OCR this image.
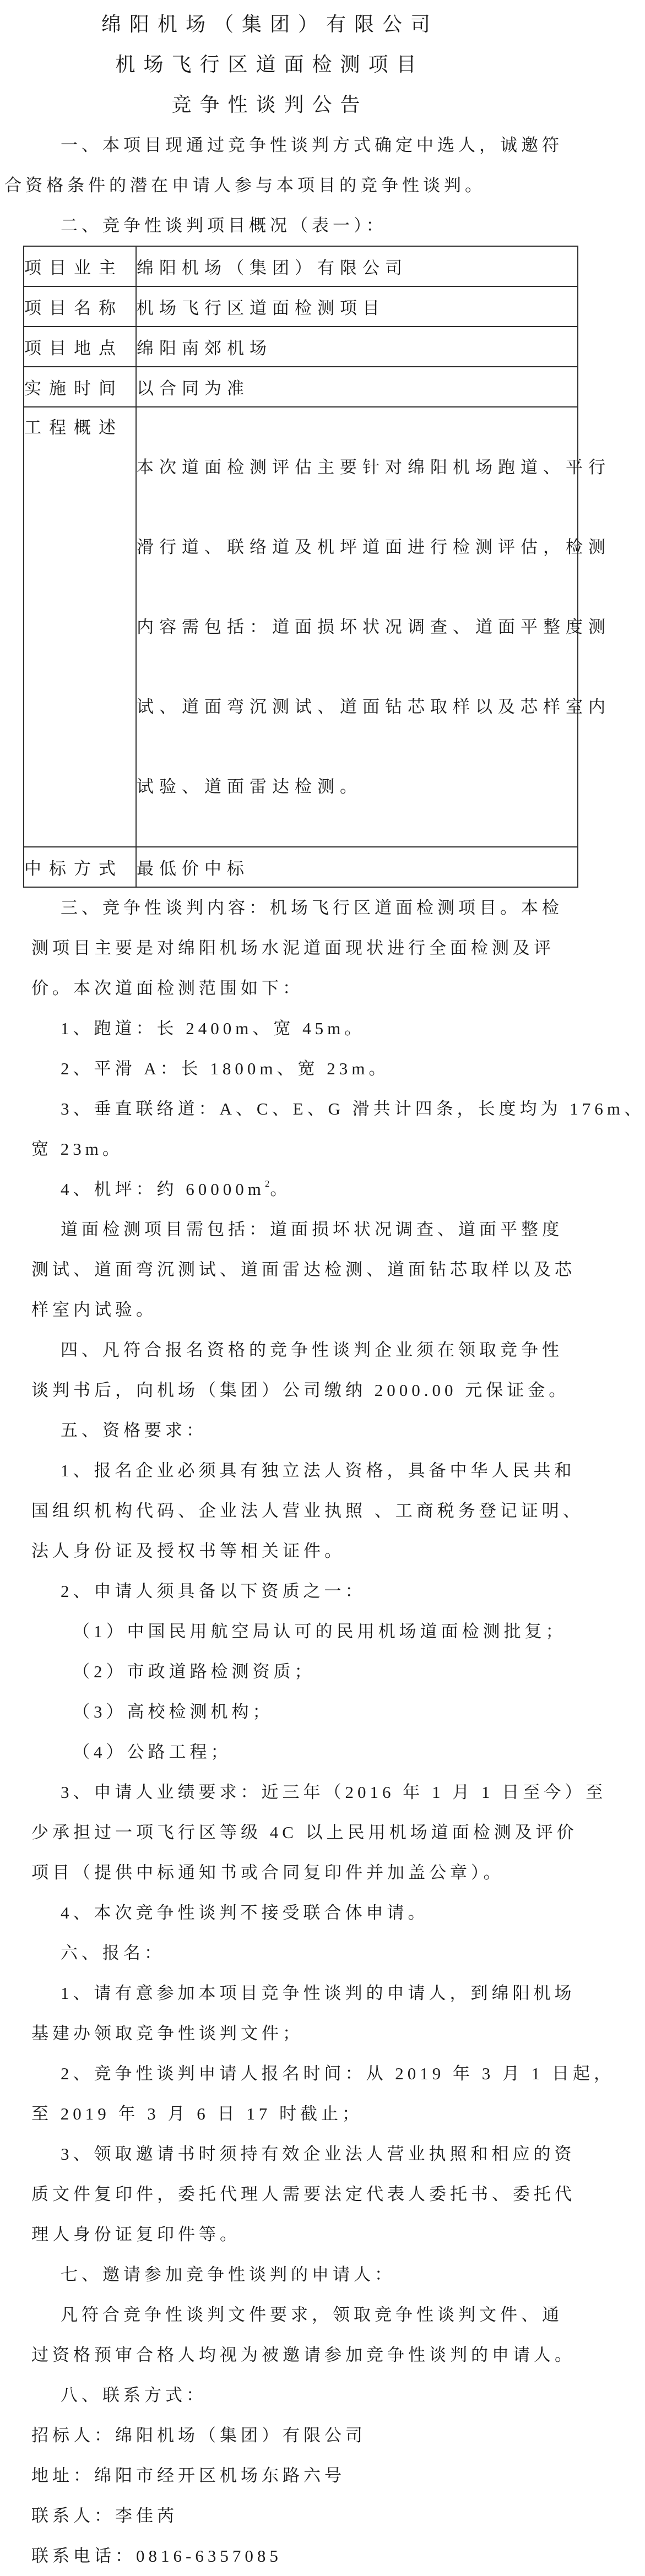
绵阳机场（集团）有限公司
机场飞行区道面检测项目
竞争性谈判公告
一、本项目现通过竞争性谈判方式确定中选人，诚邀符
合资格条件的潜在申请人参与本项目的竞争性谈判。
二、竞争性谈判项目概况（表一）：
项目业主	绵阳机场（集团）有限公司
项目名称	机场飞行区道面检测项目
项目地点	绵阳南郊机场
实施时间	以合同为准
工程概述	本次道面检测评估主要针对绵阳机场跑道、平行

滑行道、联络道及机坪道面进行检测评估，检测

内容需包括：道面损坏状况调查、道面平整度测

试、道面弯沉测试、道面钻芯取样以及芯样室内

试验、道面雷达检测。

中标方式	最低价中标
三、竞争性谈判内容：机场飞行区道面检测项目。本检
测项目主要是对绵阳机场水泥道面现状进行全面检测及评
价。本次道面检测范围如下：
1、跑道：长 2400m、宽 45m。
2、平滑 A：长 1800m、宽 23m。
3、垂直联络道：A、C、E、G 滑共计四条，长度均为 176m、
宽 23m。
4、机坪：约 $60000m^2$。
道面检测项目需包括：道面损坏状况调查、道面平整度
测试、道面弯沉测试、道面雷达检测、道面钻芯取样以及芯
样室内试验。
四、凡符合报名资格的竞争性谈判企业须在领取竞争性
谈判书后，向机场（集团）公司缴纳 2000.00 元保证金。
五、资格要求：
1、报名企业必须具有独立法人资格，具备中华人民共和
国组织机构代码、企业法人营业执照 、工商税务登记证明、
法人身份证及授权书等相关证件。
2、申请人须具备以下资质之一：
（1）中国民用航空局认可的民用机场道面检测批复；
（2）市政道路检测资质；
（3）高校检测机构；
（4）公路工程；
3、申请人业绩要求：近三年（2016 年 1 月 1 日至今）至
少承担过一项飞行区等级 4C 以上民用机场道面检测及评价
项目（提供中标通知书或合同复印件并加盖公章）。
4、本次竞争性谈判不接受联合体申请。
六、报名：
1、请有意参加本项目竞争性谈判的申请人，到绵阳机场
基建办领取竞争性谈判文件；
2、竞争性谈判申请人报名时间：从 2019 年 3 月 1 日起，
至 2019 年 3 月 6 日 17 时截止；
3、领取邀请书时须持有效企业法人营业执照和相应的资
质文件复印件，委托代理人需要法定代表人委托书、委托代
理人身份证复印件等。
七、邀请参加竞争性谈判的申请人：
凡符合竞争性谈判文件要求，领取竞争性谈判文件、通
过资格预审合格人均视为被邀请参加竞争性谈判的申请人。
八、联系方式：
招标人：绵阳机场（集团）有限公司
地址：绵阳市经开区机场东路六号
联系人：李佳芮
联系电话：0816-6357085
